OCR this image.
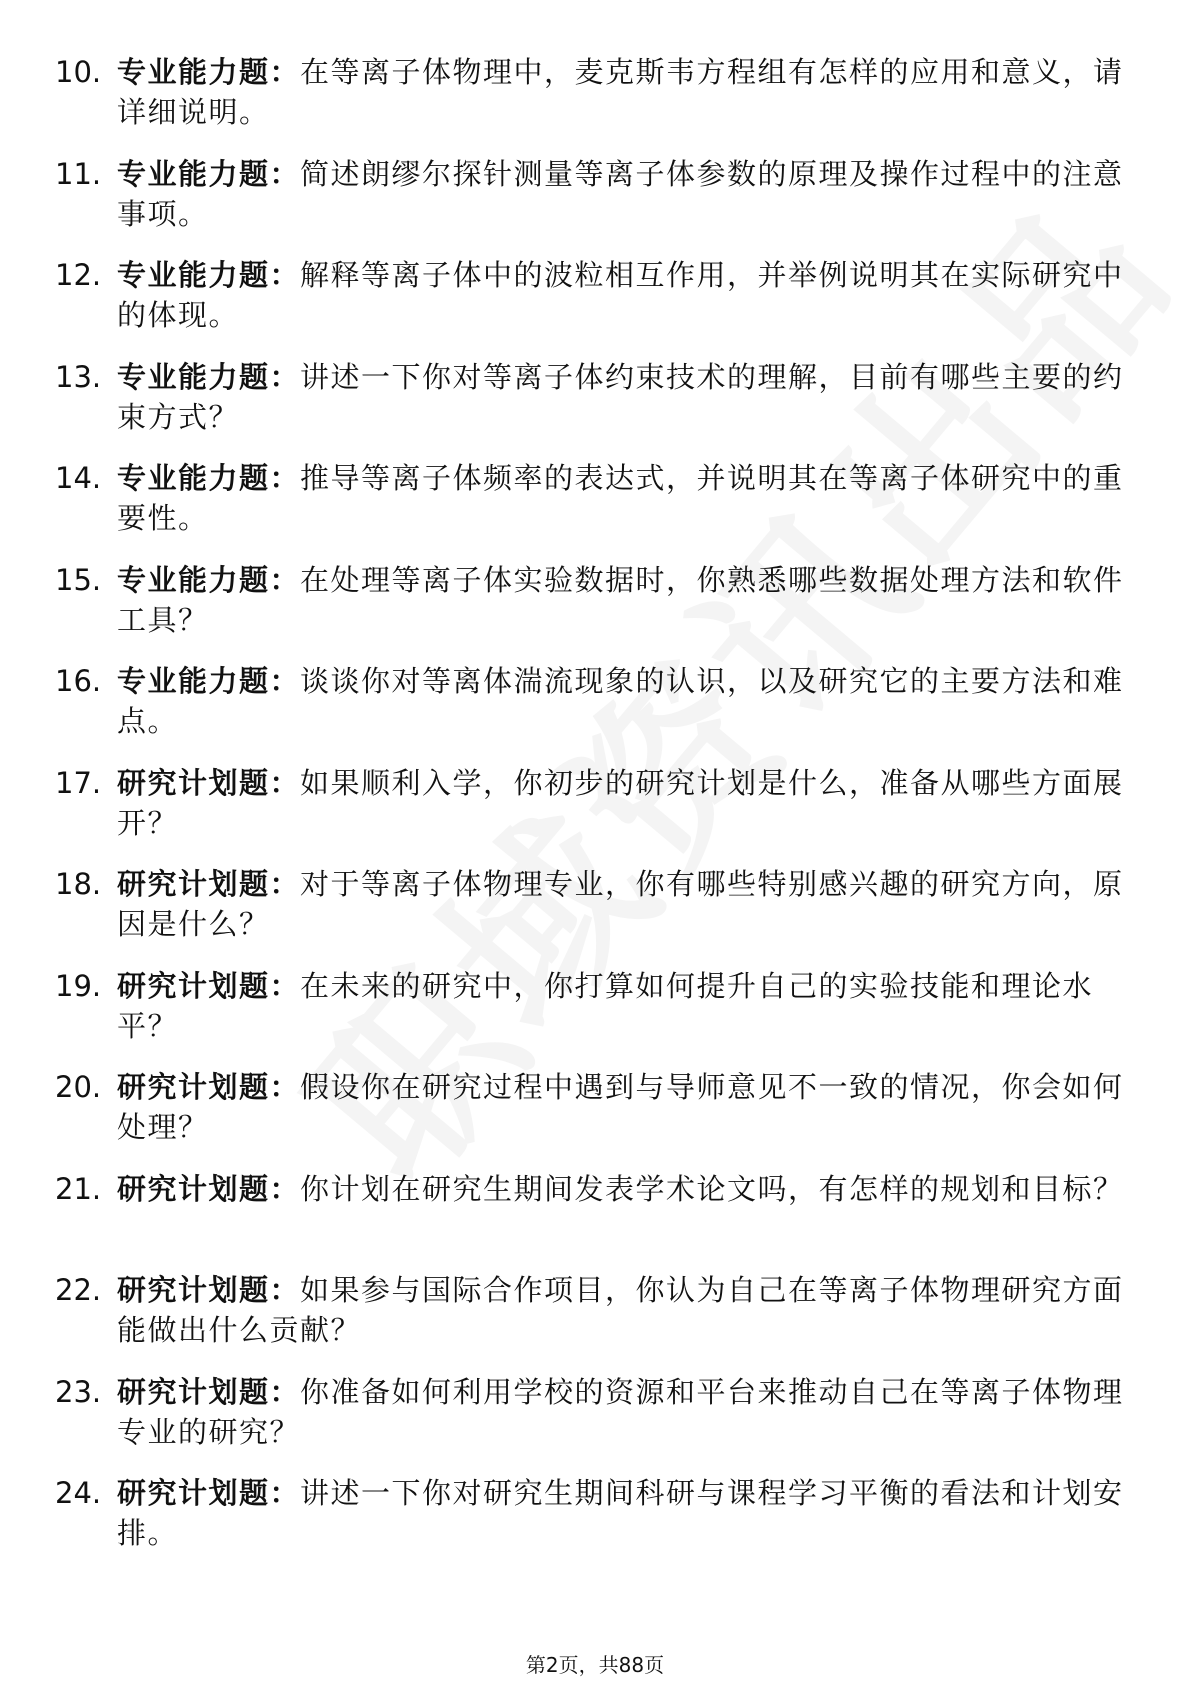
10. 专业能力题：在等离子体物理中，麦克斯韦方程组有怎样的应用和意义，请详细说明。
11. 专业能力题：简述朗缪尔探针测量等离子体参数的原理及操作过程中的注意事项。
12. 专业能力题：解释等离子体中的波粒相互作用，并举例说明其在实际研究中的体现。
13. 专业能力题：讲述一下你对等离子体约束技术的理解，目前有哪些主要的约束方式？
14. 专业能力题：推导等离子体频率的表达式，并说明其在等离子体研究中的重要性。
15. 专业能力题：在处理等离子体实验数据时，你熟悉哪些数据处理方法和软件工具？
16. 专业能力题：谈谈你对等离体湍流现象的认识，以及研究它的主要方法和难点。
17. 研究计划题：如果顺利入学，你初步的研究计划是什么，准备从哪些方面展开？
18. 研究计划题：对于等离子体物理专业，你有哪些特别感兴趣的研究方向，原因是什么？
19. 研究计划题：在未来的研究中，你打算如何提升自己的实验技能和理论水平？
20. 研究计划题：假设你在研究过程中遇到与导师意见不一致的情况，你会如何处理？
21. 研究计划题：你计划在研究生期间发表学术论文吗，有怎样的规划和目标？
22. 研究计划题：如果参与国际合作项目，你认为自己在等离子体物理研究方面能做出什么贡献？
23. 研究计划题：你准备如何利用学校的资源和平台来推动自己在等离子体物理专业的研究？
24. 研究计划题：讲述一下你对研究生期间科研与课程学习平衡的看法和计划安排。
第2页，共88页
